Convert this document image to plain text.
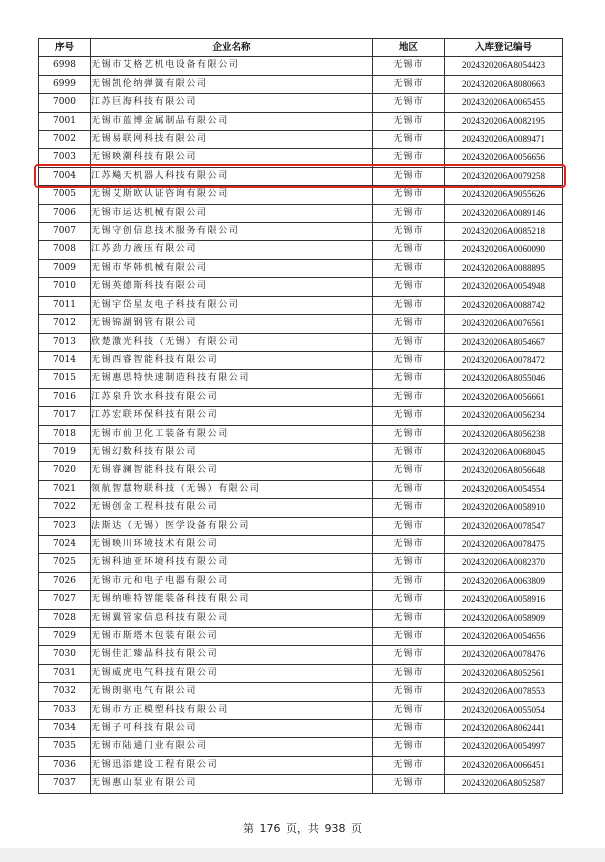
序号	企业名称	地区	入库登记编号
6998	无锡市艾格艺机电设备有限公司	无锡市	2024320206A8054423
6999	无锡凯伦纳弹簧有限公司	无锡市	2024320206A8080663
7000	江苏巨海科技有限公司	无锡市	2024320206A0065455
7001	无锡市蓝博金属制品有限公司	无锡市	2024320206A0082195
7002	无锡易联网科技有限公司	无锡市	2024320206A0089471
7003	无锡映潮科技有限公司	无锡市	2024320206A0056656
7004	江苏飚天机器人科技有限公司	无锡市	2024320206A0079258
7005	无锡艾斯欧认证咨询有限公司	无锡市	2024320206A9055626
7006	无锡市运达机械有限公司	无锡市	2024320206A0089146
7007	无锡守创信息技术服务有限公司	无锡市	2024320206A0085218
7008	江苏劲力液压有限公司	无锡市	2024320206A0060090
7009	无锡市华韩机械有限公司	无锡市	2024320206A0088895
7010	无锡英德斯科技有限公司	无锡市	2024320206A0054948
7011	无锡宇岱星友电子科技有限公司	无锡市	2024320206A0088742
7012	无锡锦湖钢管有限公司	无锡市	2024320206A0076561
7013	欣楚激光科技（无锡）有限公司	无锡市	2024320206A8054667
7014	无锡西睿智能科技有限公司	无锡市	2024320206A0078472
7015	无锡惠思特快速制造科技有限公司	无锡市	2024320206A8055046
7016	江苏泉升饮水科技有限公司	无锡市	2024320206A0056661
7017	江苏宏联环保科技有限公司	无锡市	2024320206A0056234
7018	无锡市前卫化工装备有限公司	无锡市	2024320206A8056238
7019	无锡幻数科技有限公司	无锡市	2024320206A0068045
7020	无锡睿澜智能科技有限公司	无锡市	2024320206A8056648
7021	领航智慧物联科技（无锡）有限公司	无锡市	2024320206A0054554
7022	无锡创金工程科技有限公司	无锡市	2024320206A0058910
7023	法斯达（无锡）医学设备有限公司	无锡市	2024320206A0078547
7024	无锡映川环境技术有限公司	无锡市	2024320206A0078475
7025	无锡科迪亚环境科技有限公司	无锡市	2024320206A0082370
7026	无锡市元和电子电器有限公司	无锡市	2024320206A0063809
7027	无锡纳唯特智能装备科技有限公司	无锡市	2024320206A0058916
7028	无锡翼管家信息科技有限公司	无锡市	2024320206A0058909
7029	无锡市斯塔木包装有限公司	无锡市	2024320206A0054656
7030	无锡佳汇臻晶科技有限公司	无锡市	2024320206A0078476
7031	无锡威虎电气科技有限公司	无锡市	2024320206A8052561
7032	无锡朗驱电气有限公司	无锡市	2024320206A0078553
7033	无锡市方正模塑科技有限公司	无锡市	2024320206A0055054
7034	无锡子可科技有限公司	无锡市	2024320206A8062441
7035	无锡市陆通门业有限公司	无锡市	2024320206A0054997
7036	无锡迅添建设工程有限公司	无锡市	2024320206A0066451
7037	无锡惠山泵业有限公司	无锡市	2024320206A8052587
第 176 页，共 938 页
